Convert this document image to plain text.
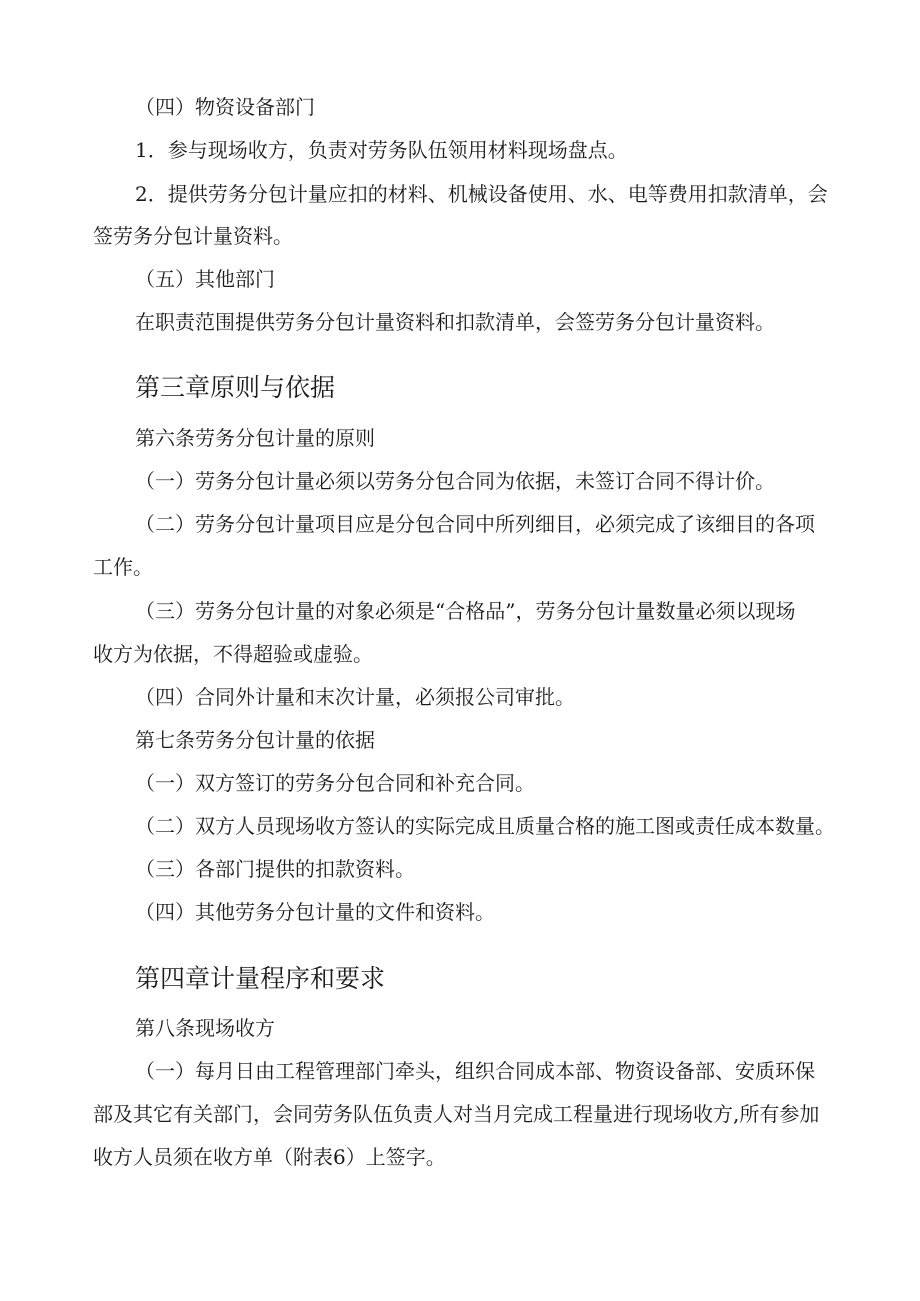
（四）物资设备部门
1．参与现场收方，负责对劳务队伍领用材料现场盘点。
2．提供劳务分包计量应扣的材料、机械设备使用、水、电等费用扣款清单，会
签劳务分包计量资料。
（五）其他部门
在职责范围提供劳务分包计量资料和扣款清单，会签劳务分包计量资料。
第三章原则与依据
第六条劳务分包计量的原则
（一）劳务分包计量必须以劳务分包合同为依据，未签订合同不得计价。
（二）劳务分包计量项目应是分包合同中所列细目，必须完成了该细目的各项
工作。
（三）劳务分包计量的对象必须是“合格品”，劳务分包计量数量必须以现场
收方为依据，不得超验或虚验。
（四）合同外计量和末次计量，必须报公司审批。
第七条劳务分包计量的依据
（一）双方签订的劳务分包合同和补充合同。
（二）双方人员现场收方签认的实际完成且质量合格的施工图或责任成本数量。
（三）各部门提供的扣款资料。
（四）其他劳务分包计量的文件和资料。
第四章计量程序和要求
第八条现场收方
（一）每月日由工程管理部门牵头，组织合同成本部、物资设备部、安质环保
部及其它有关部门，会同劳务队伍负责人对当月完成工程量进行现场收方,所有参加
收方人员须在收方单（附表6）上签字。
